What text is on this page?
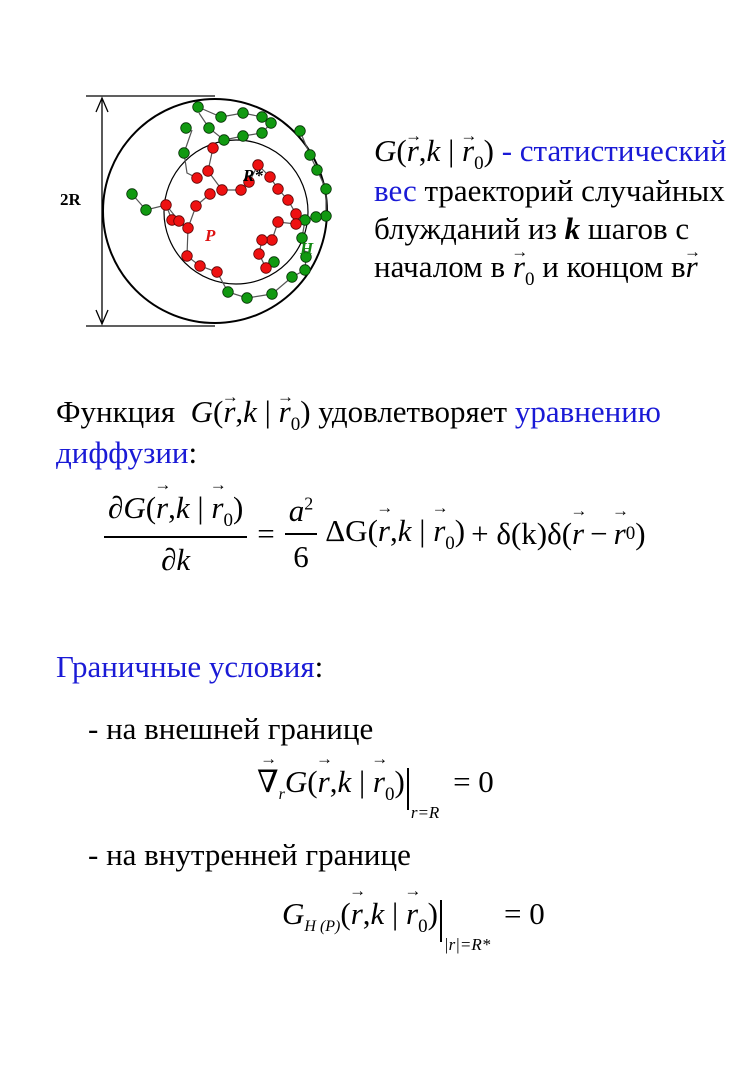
2R
R*
P
H
G(→ r,k | → $r_0$) - статистический
вес траекторий случайных
блужданий из k шагов с
началом $в \to r_0$ и концом в→ r
Функция G(→ r,k | → $r_0$) удовлетворяет уравнению
диффузии:
$\frac{\partial G(\to r,k | \to r_0)}{\partial k} = \frac{a^2}{6} \Delta G(\to r,k$ | → $r_0) + \delta(k)\delta$(
→ r −
→ r 0 )
Граничные условия:
- на внешней границе
→ $\nabla_rG(\to r,k$ | → $r_0)_{r=R} = 0$
- на внутренней границе
$G_{H (P)}(\to r,k$ | → $r_0)_{|r|=R*} = 0$
